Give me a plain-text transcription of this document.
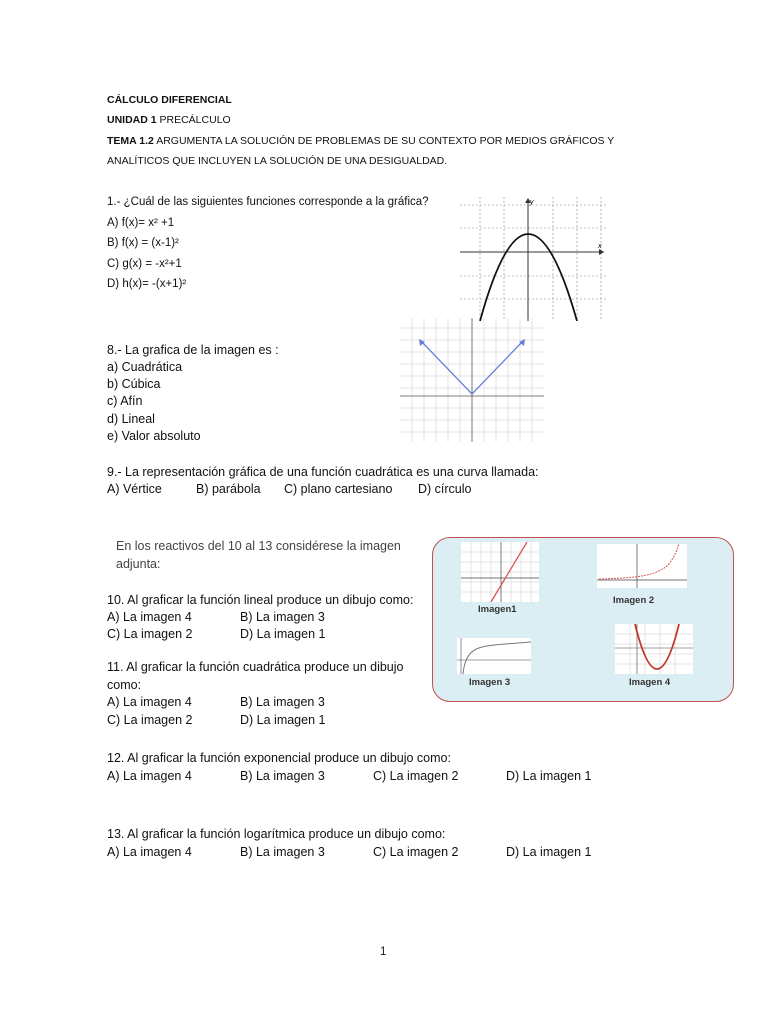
CÁLCULO DIFERENCIAL
UNIDAD 1 PRECÁLCULO
TEMA 1.2 ARGUMENTA LA SOLUCIÓN DE PROBLEMAS DE SU CONTEXTO POR MEDIOS GRÁFICOS Y
ANALÍTICOS QUE INCLUYEN LA SOLUCIÓN DE UNA DESIGUALDAD.
1.- ¿Cuál de las siguientes funciones corresponde a la gráfica?
A) f(x)= x² +1
B) f(x) = (x-1)²
C) g(x) = -x²+1
D) h(x)= -(x+1)²
x
y
8.- La grafica de la imagen es :
a) Cuadrática
b) Cúbica
c) Afín
d) Lineal
e) Valor absoluto
9.- La representación gráfica de una función cuadrática es una curva llamada:
A) Vértice	B) parábola C) plano cartesiano D) círculo
En los reactivos del 10 al 13 considérese la imagen
adjunta:
Imagen1
Imagen 2
Imagen 3	Imagen 4
10. Al graficar la función lineal produce un dibujo como:
A) La imagen 4	B) La imagen 3
C) La imagen 2	D) La imagen 1
11. Al graficar la función cuadrática produce un dibujo
como:
A) La imagen 4	B) La imagen 3
C) La imagen 2	D) La imagen 1
12. Al graficar la función exponencial produce un dibujo como:
A) La imagen 4	B) La imagen 3	C) La imagen 2	D) La imagen 1
13. Al graficar la función logarítmica produce un dibujo como:
A) La imagen 4	B) La imagen 3	C) La imagen 2	D) La imagen 1
1
